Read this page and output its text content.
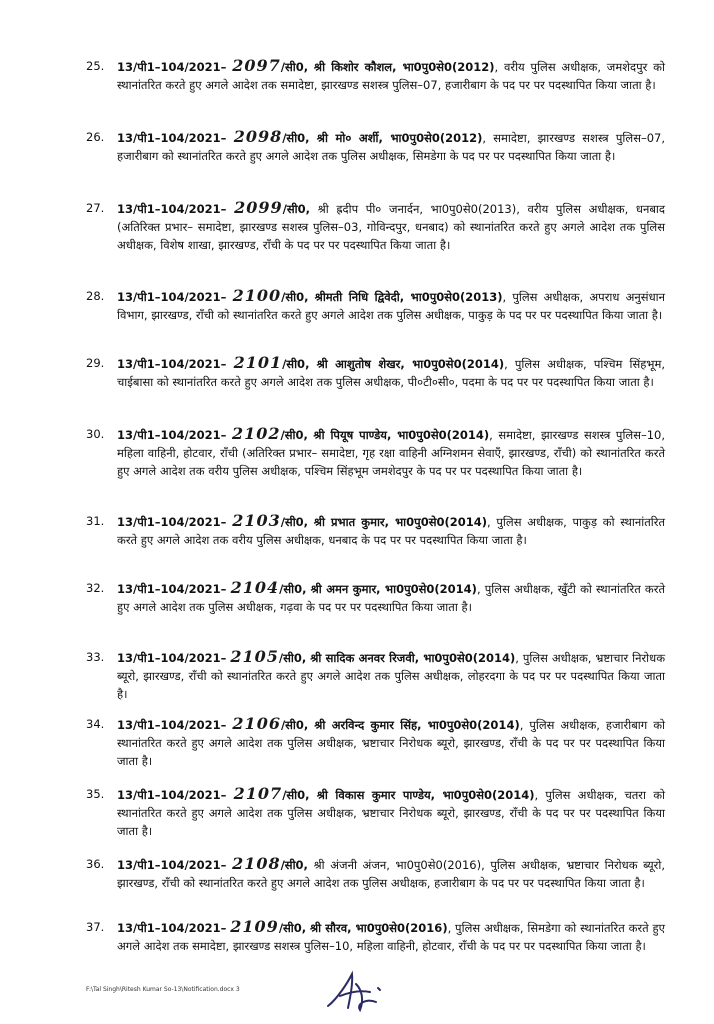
25. 13/पी1–104/2021– 2097/सी0, श्री किशोर कौशल, भा0पु0से0(2012), वरीय पुलिस अधीक्षक, जमशेदपुर को स्थानांतरित करते हुए अगले आदेश तक समादेष्टा, झारखण्ड सशस्त्र पुलिस–07, हजारीबाग के पद पर पर पदस्थापित किया जाता है।
26. 13/पी1–104/2021– 2098/सी0, श्री मो० अर्शी, भा0पु0से0(2012), समादेष्टा, झारखण्ड सशस्त्र पुलिस–07, हजारीबाग को स्थानांतरित करते हुए अगले आदेश तक पुलिस अधीक्षक, सिमडेगा के पद पर पर पदस्थापित किया जाता है।
27. 13/पी1–104/2021– 2099/सी0, श्री ह्रदीप पी० जनार्दन, भा0पु0से0(2013), वरीय पुलिस अधीक्षक, धनबाद (अतिरिक्त प्रभार– समादेष्टा, झारखण्ड सशस्त्र पुलिस–03, गोविन्दपुर, धनबाद) को स्थानांतरित करते हुए अगले आदेश तक पुलिस अधीक्षक, विशेष शाखा, झारखण्ड, राँची के पद पर पर पदस्थापित किया जाता है।
28. 13/पी1–104/2021– 2100/सी0, श्रीमती निधि द्विवेदी, भा0पु0से0(2013), पुलिस अधीक्षक, अपराध अनुसंधान विभाग, झारखण्ड, राँची को स्थानांतरित करते हुए अगले आदेश तक पुलिस अधीक्षक, पाकुड़ के पद पर पर पदस्थापित किया जाता है।
29. 13/पी1–104/2021– 2101/सी0, श्री आशुतोष शेखर, भा0पु0से0(2014), पुलिस अधीक्षक, पश्चिम सिंहभूम, चाईबासा को स्थानांतरित करते हुए अगले आदेश तक पुलिस अधीक्षक, पी०टी०सी०, पदमा के पद पर पर पदस्थापित किया जाता है।
30. 13/पी1–104/2021– 2102/सी0, श्री पियूष पाण्डेय, भा0पु0से0(2014), समादेष्टा, झारखण्ड सशस्त्र पुलिस–10, महिला वाहिनी, होटवार, राँची (अतिरिक्त प्रभार– समादेष्टा, गृह रक्षा वाहिनी अग्निशमन सेवाएँ, झारखण्ड, राँची) को स्थानांतरित करते हुए अगले आदेश तक वरीय पुलिस अधीक्षक, पश्चिम सिंहभूम जमशेदपुर के पद पर पर पदस्थापित किया जाता है।
31. 13/पी1–104/2021– 2103/सी0, श्री प्रभात कुमार, भा0पु0से0(2014), पुलिस अधीक्षक, पाकुड़ को स्थानांतरित करते हुए अगले आदेश तक वरीय पुलिस अधीक्षक, धनबाद के पद पर पर पदस्थापित किया जाता है।
32. 13/पी1–104/2021– 2104/सी0, श्री अमन कुमार, भा0पु0से0(2014), पुलिस अधीक्षक, खुँटी को स्थानांतरित करते हुए अगले आदेश तक पुलिस अधीक्षक, गढ़वा के पद पर पर पदस्थापित किया जाता है।
33. 13/पी1–104/2021– 2105/सी0, श्री सादिक अनवर रिजवी, भा0पु0से0(2014), पुलिस अधीक्षक, भ्रष्टाचार निरोधक ब्यूरो, झारखण्ड, राँची को स्थानांतरित करते हुए अगले आदेश तक पुलिस अधीक्षक, लोहरदगा के पद पर पर पदस्थापित किया जाता है।
34. 13/पी1–104/2021– 2106/सी0, श्री अरविन्द कुमार सिंह, भा0पु0से0(2014), पुलिस अधीक्षक, हजारीबाग को स्थानांतरित करते हुए अगले आदेश तक पुलिस अधीक्षक, भ्रष्टाचार निरोधक ब्यूरो, झारखण्ड, राँची के पद पर पर पदस्थापित किया जाता है।
35. 13/पी1–104/2021– 2107/सी0, श्री विकास कुमार पाण्डेय, भा0पु0से0(2014), पुलिस अधीक्षक, चतरा को स्थानांतरित करते हुए अगले आदेश तक पुलिस अधीक्षक, भ्रष्टाचार निरोधक ब्यूरो, झारखण्ड, राँची के पद पर पर पदस्थापित किया जाता है।
36. 13/पी1–104/2021– 2108/सी0, श्री अंजनी अंजन, भा0पु0से0(2016), पुलिस अधीक्षक, भ्रष्टाचार निरोधक ब्यूरो, झारखण्ड, राँची को स्थानांतरित करते हुए अगले आदेश तक पुलिस अधीक्षक, हजारीबाग के पद पर पर पदस्थापित किया जाता है।
37. 13/पी1–104/2021– 2109/सी0, श्री सौरव, भा0पु0से0(2016), पुलिस अधीक्षक, सिमडेगा को स्थानांतरित करते हुए अगले आदेश तक समादेष्टा, झारखण्ड सशस्त्र पुलिस–10, महिला वाहिनी, होटवार, राँची के पद पर पर पदस्थापित किया जाता है।
F:\Tal Singh\Ritesh Kumar So-13\Notification.docx 3
